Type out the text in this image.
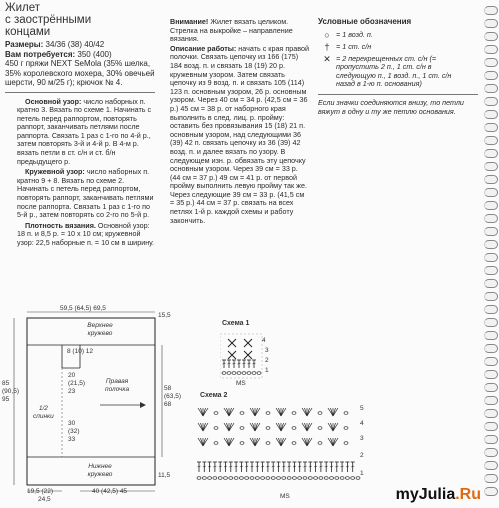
Жилет
с заострёнными
концами
Размеры: 34/36 (38) 40/42
Вам потребуется: 350 (400)
450 г пряжи NEXT SeMola (35% шелка, 35% королевского мохера, 30% овечьей шерсти, 90 м/25 г); крючок № 4.
Основной узор: число наборных п. кратно 3. Вязать по схеме 1. Начинать с петель перед раппортом, повторять раппорт, заканчивать петлями после раппорта. Связать 1 раз с 1-го по 4-й р., затем повторять 3-й и 4-й р. В 4-м р. вязать петли в ст. с/н и ст. б/н предыдущего р.
Кружевной узор: число наборных п. кратно 9 + 8. Вязать по схеме 2. Начинать с петель перед раппортом, повторять раппорт, заканчивать петлями после раппорта. Связать 1 раз с 1-го по 5-й р., затем повторять со 2-го по 5-й р.
Плотность вязания. Основной узор: 18 п. и 8,5 р. = 10 х 10 см; кружевной узор: 22,5 наборные п. = 10 см в ширину.
Внимание! Жилет вязать целиком. Стрелка на выкройке – направление вязания.
Описание работы: начать с края правой полочки. Связать цепочку из 166 (175) 184 возд. п. и связать 18 (19) 20 р. кружевным узором. Затем связать цепочку из 9 возд. п. и связать 105 (114) 123 п. основным узором, 26 р. основным узором. Через 40 см = 34 р. (42,5 см = 36 р.) 45 см = 38 р. от наборного края выполнить в след. лиц. р. пройму: оставить без провязывания 15 (18) 21 п. основным узором, над следующими 36 (39) 42 п. связать цепочку из 36 (39) 42 возд. п. и далее вязать по узору. В следующем изн. р. обвязать эту цепочку основным узором. Через 39 см = 33 р. (44 см = 37 р.) 49 см = 41 р. от первой пройму выполнить левую пройму так же. Через следующие 39 см = 33 р. (41,5 см = 35 р.) 44 см = 37 р. связать на всех петлях 1-й р. каждой схемы и работу закончить.
Условные обозначения
○ = 1 возд. п.
† = 1 ст. с/н
✕ = 2 перекрещенных ст. с/н (= пропустить 2 п., 1 ст. с/н в следующую п., 1 возд. п., 1 ст. с/н назад в 1-ю п. основания)
Если значки соединяются внизу, то петли вяжут в одну и ту же петлю основания.
59,5 (64,5) 69,5
15,5
Верхнее кружево
85
(90,5)
95
1/2
спинки
8 (10) 12
20
(21,5)
23
30
(32)
33
Правая
полочка	58
(63,5)
68
Нижнее кружево	11,5
19,5 (22)
24,5
40 (42,5) 45
Схема 1
4
3
2
1
MS
Схема 2
5
4
3
2
1
MS	myJulia.Ru
